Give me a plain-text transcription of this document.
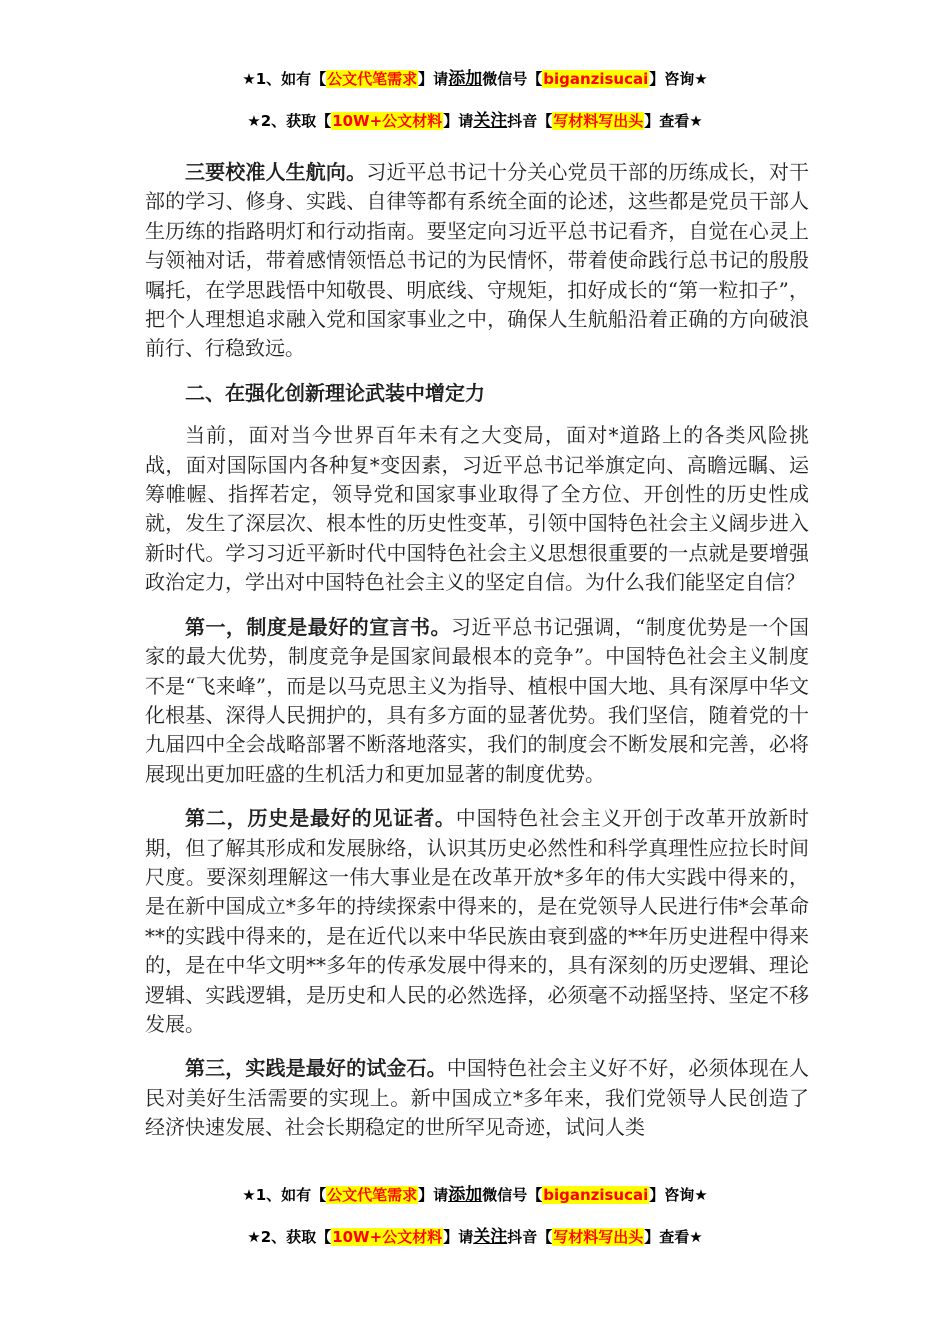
★1、如有【公文代笔需求】请添加微信号【biganzisucai】咨询★
★2、获取【10W+公文材料】请关注抖音【写材料写出头】查看★

三要校准人生航向。习近平总书记十分关心党员干部的历练成长，对干部的学习、修身、实践、自律等都有系统全面的论述，这些都是党员干部人生历练的指路明灯和行动指南。要坚定向习近平总书记看齐，自觉在心灵上与领袖对话，带着感情领悟总书记的为民情怀，带着使命践行总书记的殷殷嘱托，在学思践悟中知敬畏、明底线、守规矩，扣好成长的“第一粒扣子”，把个人理想追求融入党和国家事业之中，确保人生航船沿着正确的方向破浪前行、行稳致远。

二、在强化创新理论武装中增定力

当前，面对当今世界百年未有之大变局，面对*道路上的各类风险挑战，面对国际国内各种复*变因素，习近平总书记举旗定向、高瞻远瞩、运筹帷幄、指挥若定，领导党和国家事业取得了全方位、开创性的历史性成就，发生了深层次、根本性的历史性变革，引领中国特色社会主义阔步进入新时代。学习习近平新时代中国特色社会主义思想很重要的一点就是要增强政治定力，学出对中国特色社会主义的坚定自信。为什么我们能坚定自信？

第一，制度是最好的宣言书。习近平总书记强调，“制度优势是一个国家的最大优势，制度竞争是国家间最根本的竞争”。中国特色社会主义制度不是“飞来峰”，而是以马克思主义为指导、植根中国大地、具有深厚中华文化根基、深得人民拥护的，具有多方面的显著优势。我们坚信，随着党的十九届四中全会战略部署不断落地落实，我们的制度会不断发展和完善，必将展现出更加旺盛的生机活力和更加显著的制度优势。

第二，历史是最好的见证者。中国特色社会主义开创于改革开放新时期，但了解其形成和发展脉络，认识其历史必然性和科学真理性应拉长时间尺度。要深刻理解这一伟大事业是在改革开放*多年的伟大实践中得来的，是在新中国成立*多年的持续探索中得来的，是在党领导人民进行伟*会革命**的实践中得来的，是在近代以来中华民族由衰到盛的**年历史进程中得来的，是在中华文明**多年的传承发展中得来的，具有深刻的历史逻辑、理论逻辑、实践逻辑，是历史和人民的必然选择，必须毫不动摇坚持、坚定不移发展。

第三，实践是最好的试金石。中国特色社会主义好不好，必须体现在人民对美好生活需要的实现上。新中国成立*多年来，我们党领导人民创造了经济快速发展、社会长期稳定的世所罕见奇迹，试问人类

★1、如有【公文代笔需求】请添加微信号【biganzisucai】咨询★
★2、获取【10W+公文材料】请关注抖音【写材料写出头】查看★
